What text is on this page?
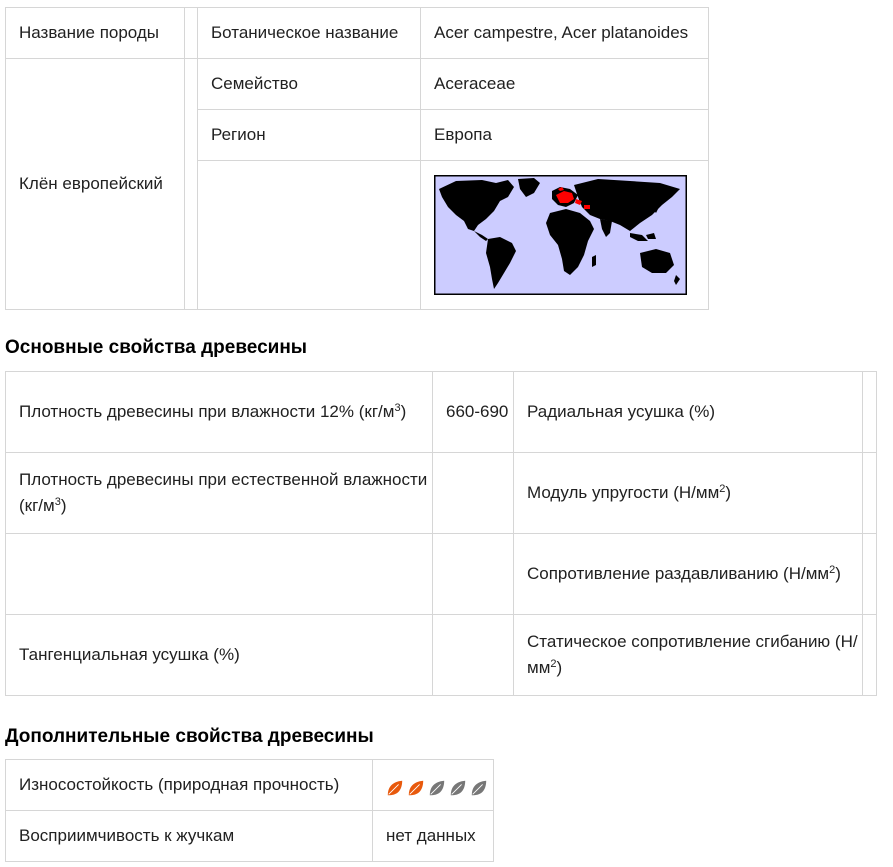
Название породы		Ботаническое название	Acer campestre, Acer platanoides
Клён европейский		Семейство	Aceraceae
		Регион	Европа

Основные свойства древесины
Плотность древесины при влажности 12% $(кг/м^3)$	660-690	Радиальная усушка (%)	
Плотность древесины при естественной влажности $(кг/м^3)$		Модуль упругости $(Н/мм^2)$	
		Сопротивление раздавливанию $(Н/мм^2)$	
Тангенциальная усушка (%)		Статическое сопротивление сгибанию $(Н/мм^2)$	
Дополнительные свойства древесины
Износостойкость (природная прочность)	
Восприимчивость к жучкам	нет данных
